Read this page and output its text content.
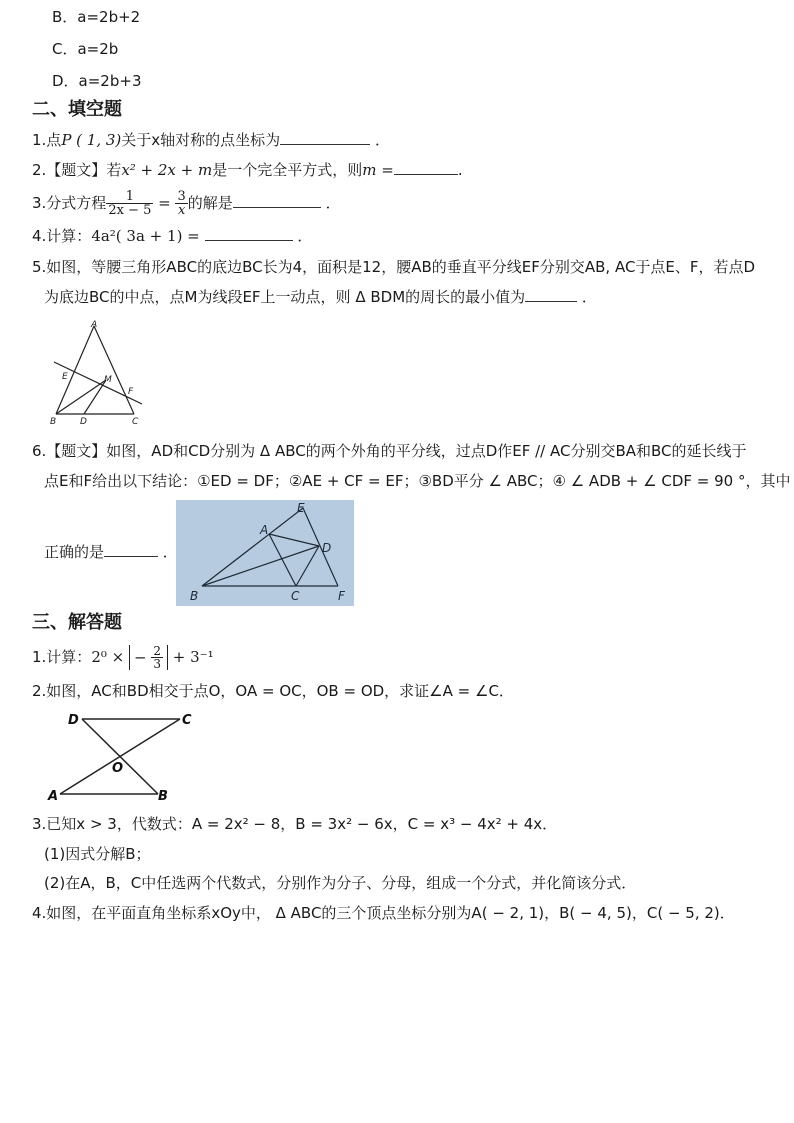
B．a=2b+2
C．a=2b
D．a=2b+3
二、填空题
1.点P ( 1, 3)关于x轴对称的点坐标为	．
2.【题文】若x² + 2x + m是一个完全平方式，则m =	.
3.分式方程 $\frac{1}{2x - 5} = \frac{3}{x}$ 的解是	．
4.计算：4a²( 3a + 1) =	．
5.如图，等腰三角形ABC的底边BC长为4，面积是12，腰AB的垂直平分线EF分别交AB, AC于点E、F，若点D
为底边BC的中点，点M为线段EF上一动点，则 Δ BDM的周长的最小值为	．
A
E	M
F
B	D	C
6.【题文】如图，AD和CD分别为 Δ ABC的两个外角的平分线，过点D作EF // AC分别交BA和BC的延长线于
点E和F给出以下结论：①ED = DF；②AE + CF = EF；③BD平分 ∠ ABC；④ ∠ ADB + ∠ CDF = 90 °，其中
正确的是	．
E
A
D
B	C	F
三、解答题
1.计算：2⁰ × − $\frac{2}{3} + 3^{-1}$
2.如图，AC和BD相交于点O，OA = OC，OB = OD，求证∠A = ∠C．
D	C
O
A	B
3.已知x > 3，代数式：A = 2x² − 8，B = 3x² − 6x，C = x³ − 4x² + 4x．
(1)因式分解B；
(2)在A，B，C中任选两个代数式，分别作为分子、分母，组成一个分式，并化简该分式．
4.如图，在平面直角坐标系xOy中， Δ ABC的三个顶点坐标分别为A( − 2, 1)，B( − 4, 5)，C( − 5, 2)．
